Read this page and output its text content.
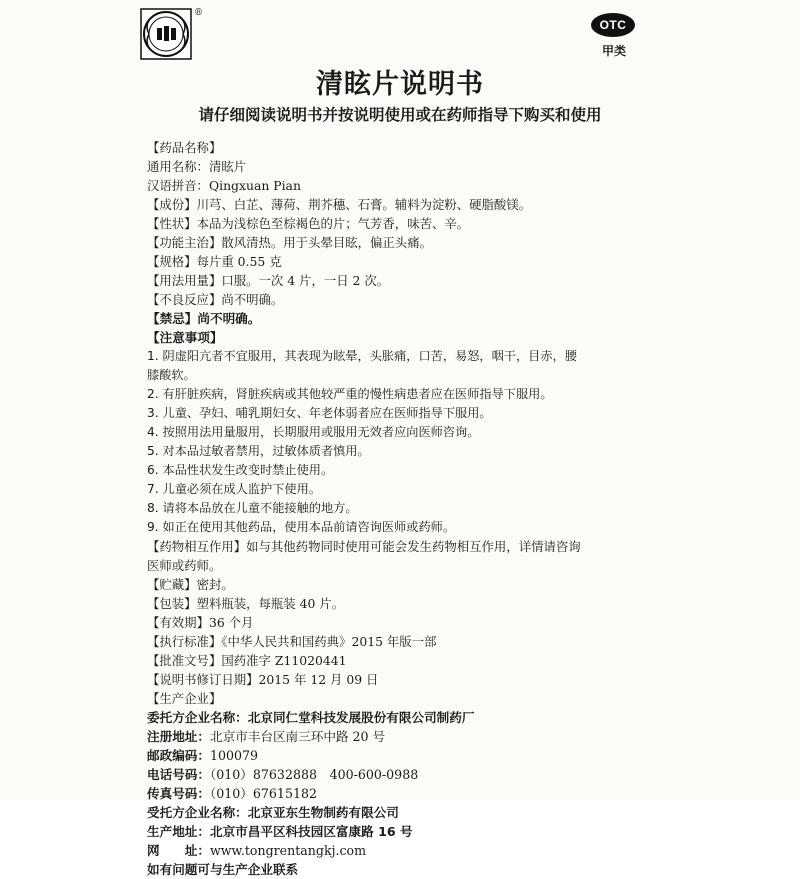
®
OTC
甲类
清眩片说明书
请仔细阅读说明书并按说明使用或在药师指导下购买和使用
【 药品名称 】
通用名称：清眩片
汉语拼音：Qingxuan Pian
【 成份 】 川芎、白芷、薄荷、荆芥穗、石膏。辅料为淀粉、硬脂酸镁。
【 性状 】 本品为浅棕色至棕褐色的片；气芳香，味苦、辛。
【 功能主治 】 散风清热。用于头晕目眩，偏正头痛。
【 规格 】 每片重 0.55 克
【 用法用量 】 口服。一次 4 片，一日 2 次。
【 不良反应 】 尚不明确。
【 禁忌 】 尚不明确。
【 注意事项 】
1. 阴虚阳亢者不宜服用，其表现为眩晕，头胀痛，口苦，易怒，咽干，目赤，腰
膝酸软。
2. 有肝脏疾病，肾脏疾病或其他较严重的慢性病患者应在医师指导下服用。
3. 儿童、孕妇、哺乳期妇女、年老体弱者应在医师指导下服用。
4. 按照用法用量服用，长期服用或服用无效者应向医师咨询。
5. 对本品过敏者禁用，过敏体质者慎用。
6. 本品性状发生改变时禁止使用。
7. 儿童必须在成人监护下使用。
8. 请将本品放在儿童不能接触的地方。
9. 如正在使用其他药品，使用本品前请咨询医师或药师。
【 药物相互作用 】 如与其他药物同时使用可能会发生药物相互作用，详情请咨询
医师或药师。
【 贮藏 】 密封。
【 包装 】 塑料瓶装，每瓶装 40 片。
【 有效期 】 36 个月
【 执行标准 】 《中华人民共和国药典》2015 年版一部
【 批准文号 】 国药准字 Z11020441
【 说明书修订日期 】 2015 年 12 月 09 日
【 生产企业 】
委托方企业名称：北京同仁堂科技发展股份有限公司制药厂
注册地址：北京市丰台区南三环中路 20 号
邮政编码：100079
电话号码：（010）87632888　400-600-0988
传真号码：（010）67615182
受托方企业名称：北京亚东生物制药有限公司
生产地址：北京市昌平区科技园区富康路 16 号
网　　址：www.tongrentangkj.com
如有问题可与生产企业联系
